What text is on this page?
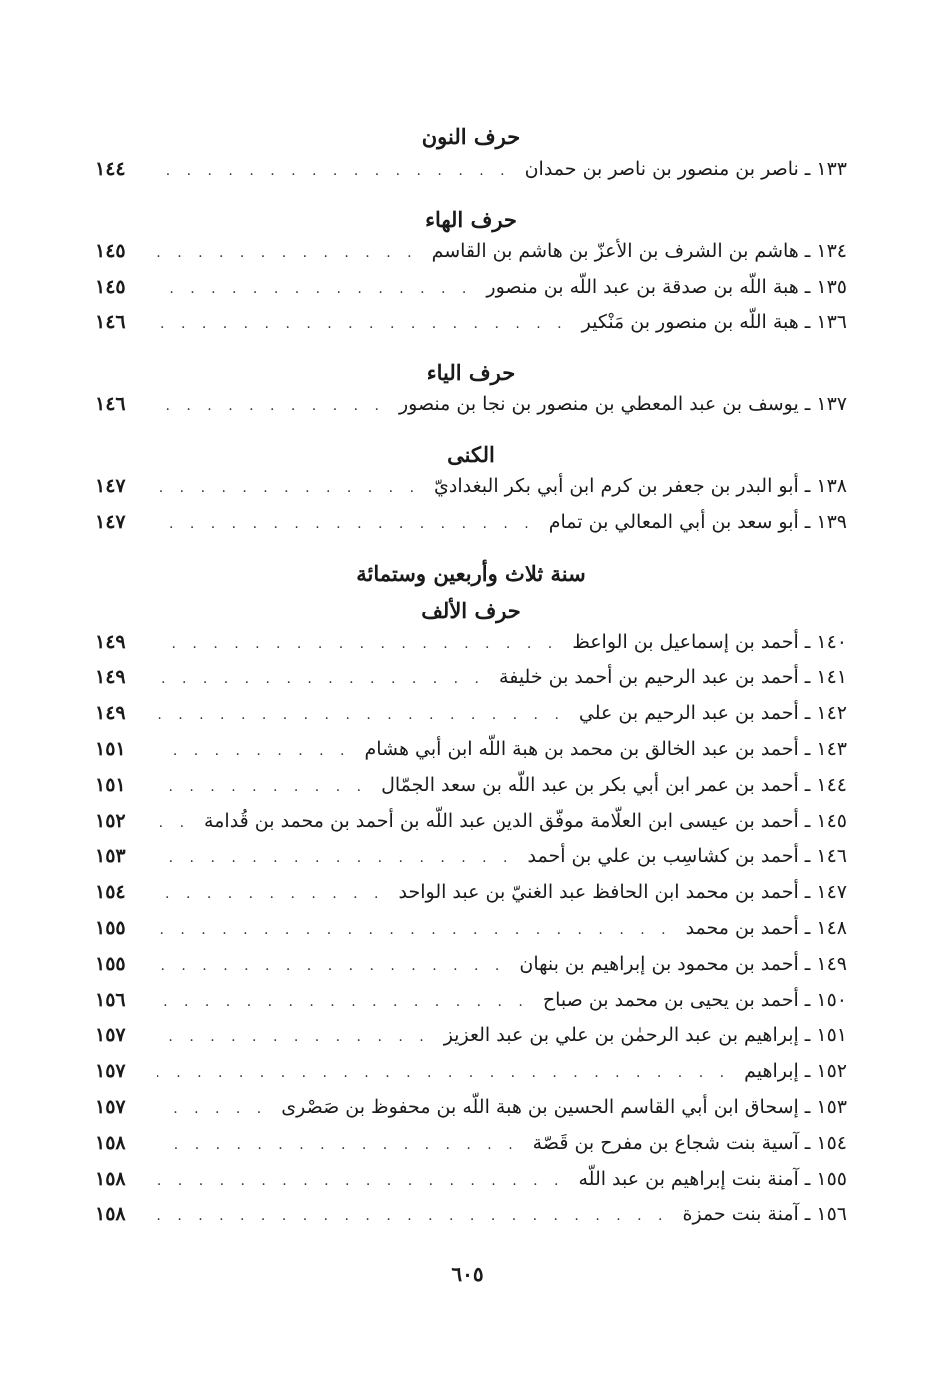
حرف النون
١٣٣
ـ
ناصر بن منصور بن ناصر بن حمدان
. . .
١٤٤
حرف الهاء
١٣٤
ـ
هاشم بن الشرف بن الأعزّ بن هاشم بن القاسم
. . .
١٤٥
١٣٥
ـ
هبة اللّه بن صدقة بن عبد اللّه بن منصور
. . .
١٤٥
١٣٦
ـ
هبة اللّه بن منصور بن مَنْكير
. . .
١٤٦
حرف الياء
١٣٧
ـ
يوسف بن عبد المعطي بن منصور بن نجا بن منصور
. . .
١٤٦
الكنى
١٣٨
ـ
أبو البدر بن جعفر بن كرم ابن أبي بكر البغداديّ
. . .
١٤٧
١٣٩
ـ
أبو سعد بن أبي المعالي بن تمام
. . .
١٤٧
سنة ثلاث وأربعين وستمائة
حرف الألف
١٤٠
ـ
أحمد بن إسماعيل بن الواعظ
. . .
١٤٩
١٤١
ـ
أحمد بن عبد الرحيم بن أحمد بن خليفة
. . .
١٤٩
١٤٢
ـ
أحمد بن عبد الرحيم بن علي
. . .
١٤٩
١٤٣
ـ
أحمد بن عبد الخالق بن محمد بن هبة اللّه ابن أبي هشام
. . .
١٥١
١٤٤
ـ
أحمد بن عمر ابن أبي بكر بن عبد اللّه بن سعد الجمّال
. . .
١٥١
١٤٥
ـ
أحمد بن عيسى ابن العلّامة موفّق الدين عبد اللّه بن أحمد بن محمد بن قُدامة
. . .
١٥٢
١٤٦
ـ
أحمد بن كشاسِب بن علي بن أحمد
. . .
١٥٣
١٤٧
ـ
أحمد بن محمد ابن الحافظ عبد الغنيّ بن عبد الواحد
. . .
١٥٤
١٤٨
ـ
أحمد بن محمد
. . .
١٥٥
١٤٩
ـ
أحمد بن محمود بن إبراهيم بن بنهان
. . .
١٥٥
١٥٠
ـ
أحمد بن يحيى بن محمد بن صباح
. . .
١٥٦
١٥١
ـ
إبراهيم بن عبد الرحمٰن بن علي بن عبد العزيز
. . .
١٥٧
١٥٢
ـ
إبراهيم
. . .
١٥٧
١٥٣
ـ
إسحاق ابن أبي القاسم الحسين بن هبة اللّه بن محفوظ بن صَصْرى
. . .
١٥٧
١٥٤
ـ
آسية بنت شجاع بن مفرح بن قَصّة
. . .
١٥٨
١٥٥
ـ
آمنة بنت إبراهيم بن عبد اللّه
. . .
١٥٨
١٥٦
ـ
آمنة بنت حمزة
. . .
١٥٨
٦٠٥
